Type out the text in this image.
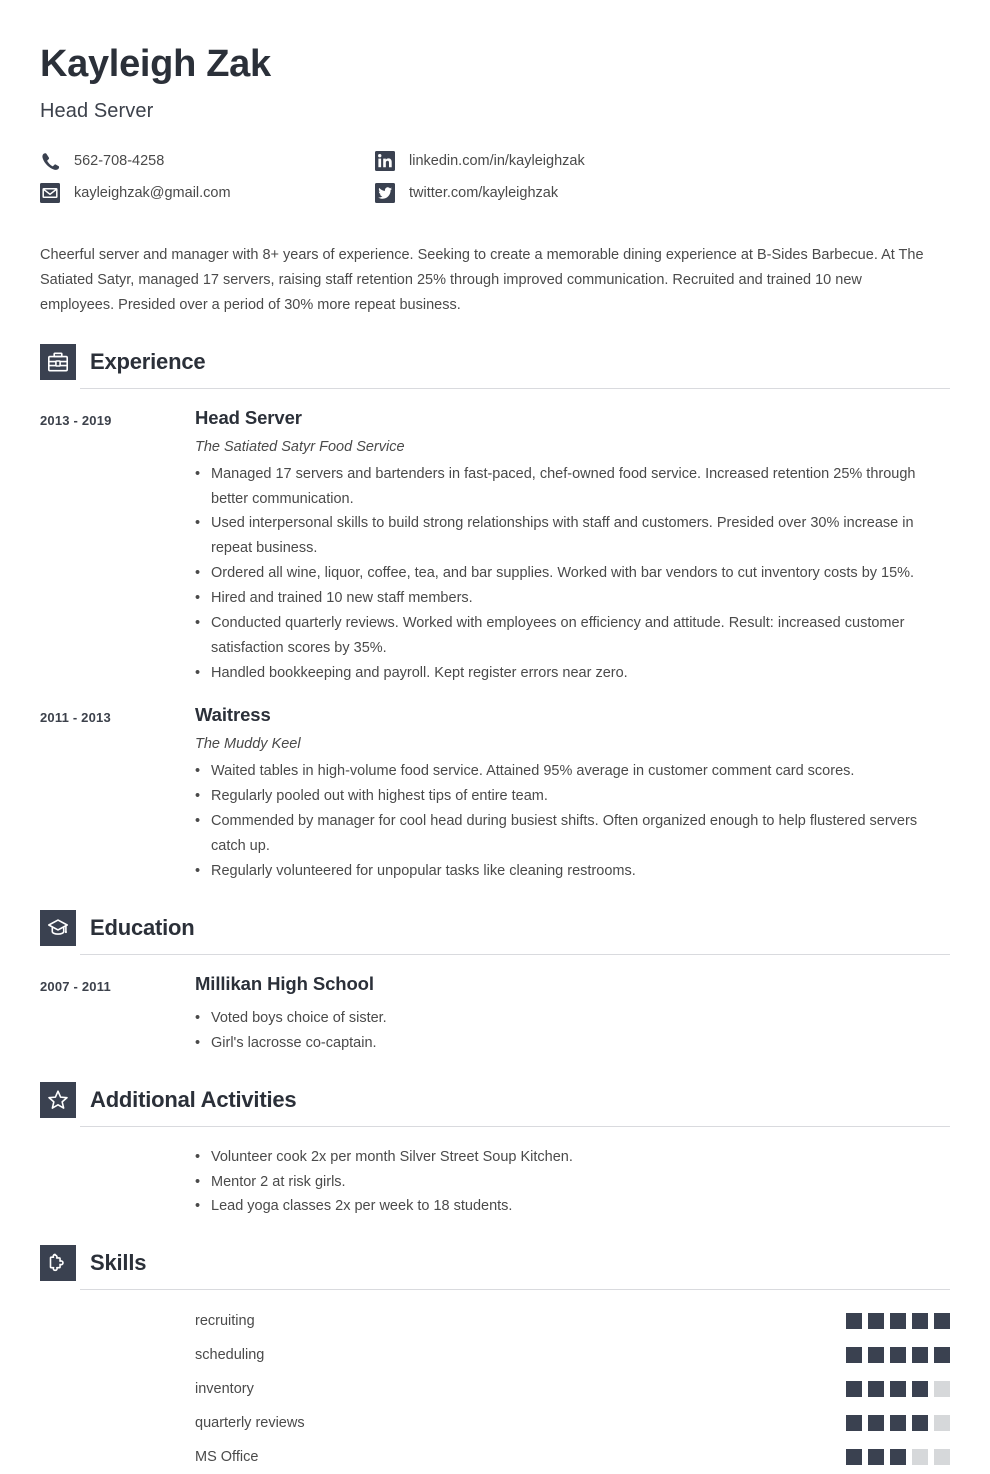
Kayleigh Zak
Head Server
562-708-4258	linkedin.com/in/kayleighzak
kayleighzak@gmail.com	twitter.com/kayleighzak
Cheerful server and manager with 8+ years of experience. Seeking to create a memorable dining experience at B-Sides Barbecue. At The Satiated Satyr, managed 17 servers, raising staff retention 25% through improved communication. Recruited and trained 10 new employees. Presided over a period of 30% more repeat business.
Experience
2013 - 2019	Head Server
The Satiated Satyr Food Service
• Managed 17 servers and bartenders in fast-paced, chef-owned food service. Increased retention 25% through better communication.
• Used interpersonal skills to build strong relationships with staff and customers. Presided over 30% increase in repeat business.
• Ordered all wine, liquor, coffee, tea, and bar supplies. Worked with bar vendors to cut inventory costs by 15%.
• Hired and trained 10 new staff members.
• Conducted quarterly reviews. Worked with employees on efficiency and attitude. Result: increased customer satisfaction scores by 35%.
• Handled bookkeeping and payroll. Kept register errors near zero.
2011 - 2013	Waitress
The Muddy Keel
• Waited tables in high-volume food service. Attained 95% average in customer comment card scores.
• Regularly pooled out with highest tips of entire team.
• Commended by manager for cool head during busiest shifts. Often organized enough to help flustered servers catch up.
• Regularly volunteered for unpopular tasks like cleaning restrooms.
Education
2007 - 2011	Millikan High School
• Voted boys choice of sister.
• Girl's lacrosse co-captain.
Additional Activities
• Volunteer cook 2x per month Silver Street Soup Kitchen.
• Mentor 2 at risk girls.
• Lead yoga classes 2x per week to 18 students.
Skills
recruiting
scheduling
inventory
quarterly reviews
MS Office
